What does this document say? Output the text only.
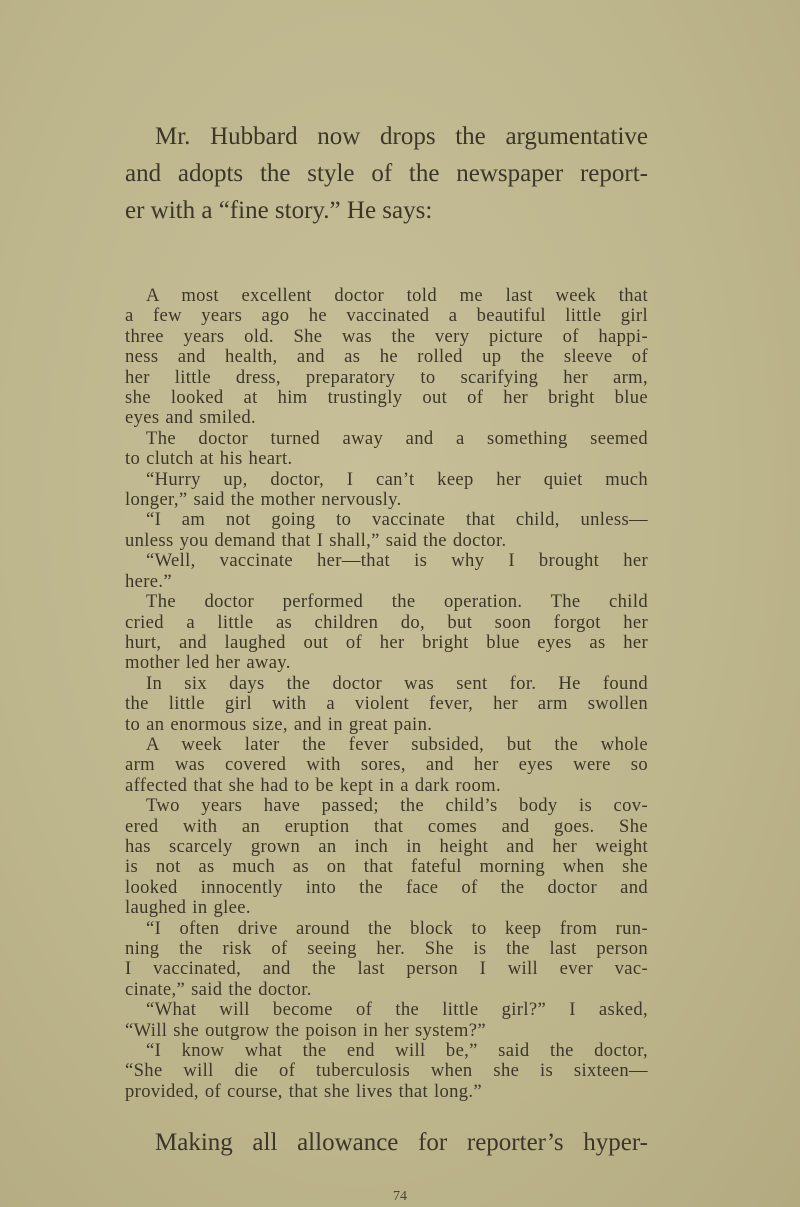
Mr. Hubbard now drops the argumentative
and adopts the style of the newspaper report-
er with a “fine story.” He says:
A most excellent doctor told me last week that
a few years ago he vaccinated a beautiful little girl
three years old. She was the very picture of happi-
ness and health, and as he rolled up the sleeve of
her little dress, preparatory to scarifying her arm,
she looked at him trustingly out of her bright blue
eyes and smiled.
The doctor turned away and a something seemed
to clutch at his heart.
“Hurry up, doctor, I can’t keep her quiet much
longer,” said the mother nervously.
“I am not going to vaccinate that child, unless—
unless you demand that I shall,” said the doctor.
“Well, vaccinate her—that is why I brought her
here.”
The doctor performed the operation. The child
cried a little as children do, but soon forgot her
hurt, and laughed out of her bright blue eyes as her
mother led her away.
In six days the doctor was sent for. He found
the little girl with a violent fever, her arm swollen
to an enormous size, and in great pain.
A week later the fever subsided, but the whole
arm was covered with sores, and her eyes were so
affected that she had to be kept in a dark room.
Two years have passed; the child’s body is cov-
ered with an eruption that comes and goes. She
has scarcely grown an inch in height and her weight
is not as much as on that fateful morning when she
looked innocently into the face of the doctor and
laughed in glee.
“I often drive around the block to keep from run-
ning the risk of seeing her. She is the last person
I vaccinated, and the last person I will ever vac-
cinate,” said the doctor.
“What will become of the little girl?” I asked,
“Will she outgrow the poison in her system?”
“I know what the end will be,” said the doctor,
“She will die of tuberculosis when she is sixteen—
provided, of course, that she lives that long.”
Making all allowance for reporter’s hyper-
74
